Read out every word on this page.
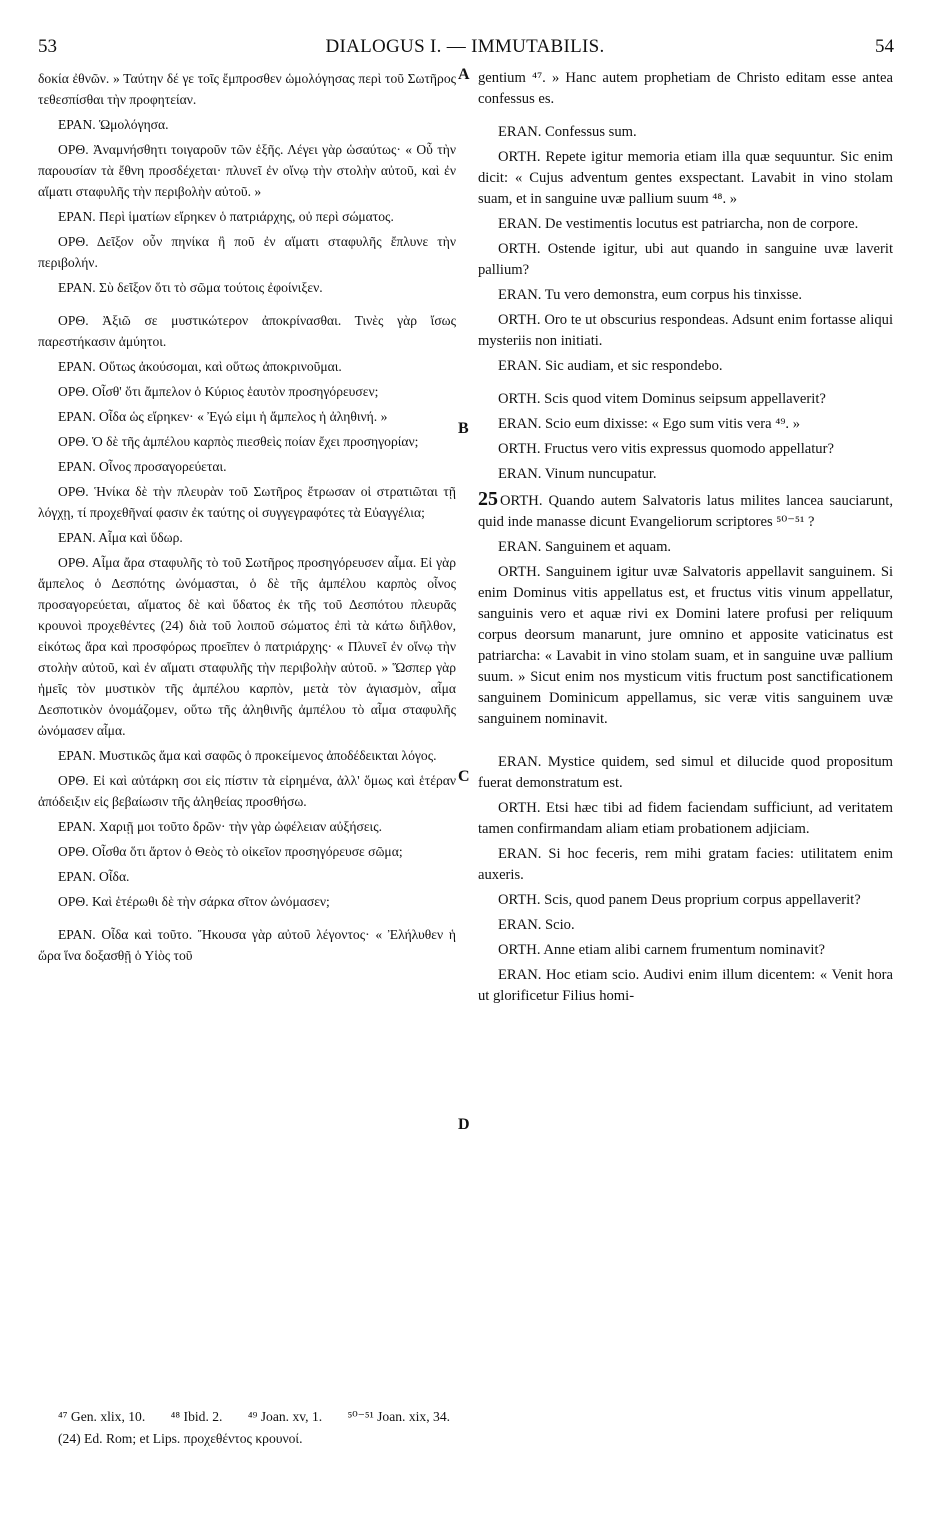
53	DIALOGUS I. — IMMUTABILIS.	54
A
B
C
D

δοκία ἐθνῶν. » Ταύτην δέ γε τοῖς ἔμπροσθεν ὡμολόγησας περὶ τοῦ Σωτῆρος τεθεσπίσθαι τὴν προφητείαν.

ΕΡΑΝ. Ὡμολόγησα.

ΟΡΘ. Ἀναμνήσθητι τοιγαροῦν τῶν ἑξῆς. Λέγει γὰρ ὡσαύτως· « Οὗ τὴν παρουσίαν τὰ ἔθνη προσδέχεται· πλυνεῖ ἐν οἴνῳ τὴν στολὴν αὐτοῦ, καὶ ἐν αἵματι σταφυλῆς τὴν περιβολὴν αὐτοῦ. »

ΕΡΑΝ. Περὶ ἱματίων εἴρηκεν ὁ πατριάρχης, οὐ περὶ σώματος.

ΟΡΘ. Δεῖξον οὖν πηνίκα ἢ ποῦ ἐν αἵματι σταφυλῆς ἔπλυνε τὴν περιβολήν.

ΕΡΑΝ. Σὺ δεῖξον ὅτι τὸ σῶμα τούτοις ἐφοίνιξεν.

ΟΡΘ. Ἀξιῶ σε μυστικώτερον ἀποκρίνασθαι. Τινὲς γὰρ ἴσως παρεστήκασιν ἀμύητοι.

ΕΡΑΝ. Οὕτως ἀκούσομαι, καὶ οὕτως ἀποκρινοῦμαι.

ΟΡΘ. Οἶσθ' ὅτι ἄμπελον ὁ Κύριος ἑαυτὸν προσηγόρευσεν;

ΕΡΑΝ. Οἶδα ὡς εἴρηκεν· « Ἐγώ εἰμι ἡ ἄμπελος ἡ ἀληθινή. »

ΟΡΘ. Ὁ δὲ τῆς ἀμπέλου καρπὸς πιεσθεὶς ποίαν ἔχει προσηγορίαν;

ΕΡΑΝ. Οἶνος προσαγορεύεται.

ΟΡΘ. Ἡνίκα δὲ τὴν πλευρὰν τοῦ Σωτῆρος ἔτρωσαν οἱ στρατιῶται τῇ λόγχῃ, τί προχεθῆναί φασιν ἐκ ταύτης οἱ συγγεγραφότες τὰ Εὐαγγέλια;

ΕΡΑΝ. Αἷμα καὶ ὕδωρ.

ΟΡΘ. Αἷμα ἄρα σταφυλῆς τὸ τοῦ Σωτῆρος προσηγόρευσεν αἷμα. Εἰ γὰρ ἄμπελος ὁ Δεσπότης ὠνόμασται, ὁ δὲ τῆς ἀμπέλου καρπὸς οἶνος προσαγορεύεται, αἵματος δὲ καὶ ὕδατος ἐκ τῆς τοῦ Δεσπότου πλευρᾶς κρουνοὶ προχεθέντες (24) διὰ τοῦ λοιποῦ σώματος ἐπὶ τὰ κάτω διῆλθον, εἰκότως ἄρα καὶ προσφόρως προεῖπεν ὁ πατριάρχης· « Πλυνεῖ ἐν οἴνῳ τὴν στολὴν αὐτοῦ, καὶ ἐν αἵματι σταφυλῆς τὴν περιβολὴν αὐτοῦ. » Ὥσπερ γὰρ ἡμεῖς τὸν μυστικὸν τῆς ἀμπέλου καρπὸν, μετὰ τὸν ἁγιασμὸν, αἷμα Δεσποτικὸν ὀνομάζομεν, οὕτω τῆς ἀληθινῆς ἀμπέλου τὸ αἷμα σταφυλῆς ὠνόμασεν αἷμα.

ΕΡΑΝ. Μυστικῶς ἅμα καὶ σαφῶς ὁ προκείμενος ἀποδέδεικται λόγος.

ΟΡΘ. Εἰ καὶ αὐτάρκη σοι εἰς πίστιν τὰ εἰρημένα, ἀλλ' ὅμως καὶ ἑτέραν ἀπόδειξιν εἰς βεβαίωσιν τῆς ἀληθείας προσθήσω.

ΕΡΑΝ. Χαριῇ μοι τοῦτο δρῶν· τὴν γὰρ ὠφέλειαν αὐξήσεις.

ΟΡΘ. Οἶσθα ὅτι ἄρτον ὁ Θεὸς τὸ οἰκεῖον προσηγόρευσε σῶμα;

ΕΡΑΝ. Οἶδα.

ΟΡΘ. Καὶ ἑτέρωθι δὲ τὴν σάρκα σῖτον ὠνόμασεν;

ΕΡΑΝ. Οἶδα καὶ τοῦτο. Ἤκουσα γὰρ αὐτοῦ λέγοντος· « Ἐλήλυθεν ἡ ὥρα ἵνα δοξασθῇ ὁ Υἱὸς τοῦ

gentium ⁴⁷. » Hanc autem prophetiam de Christo editam esse antea confessus es.

ERAN. Confessus sum.

ORTH. Repete igitur memoria etiam illa quæ sequuntur. Sic enim dicit: « Cujus adventum gentes exspectant. Lavabit in vino stolam suam, et in sanguine uvæ pallium suum ⁴⁸. »

ERAN. De vestimentis locutus est patriarcha, non de corpore.

ORTH. Ostende igitur, ubi aut quando in sanguine uvæ laverit pallium?

ERAN. Tu vero demonstra, eum corpus his tinxisse.

ORTH. Oro te ut obscurius respondeas. Adsunt enim fortasse aliqui mysteriis non initiati.

ERAN. Sic audiam, et sic respondebo.

ORTH. Scis quod vitem Dominus seipsum appellaverit?

ERAN. Scio eum dixisse: « Ego sum vitis vera ⁴⁹. »

ORTH. Fructus vero vitis expressus quomodo appellatur?

ERAN. Vinum nuncupatur.

25 ORTH. Quando autem Salvatoris latus milites lancea sauciarunt, quid inde manasse dicunt Evangeliorum scriptores ⁵⁰⁻⁵¹ ?

ERAN. Sanguinem et aquam.

ORTH. Sanguinem igitur uvæ Salvatoris appellavit sanguinem. Si enim Dominus vitis appellatus est, et fructus vitis vinum appellatur, sanguinis vero et aquæ rivi ex Domini latere profusi per reliquum corpus deorsum manarunt, jure omnino et apposite vaticinatus est patriarcha: « Lavabit in vino stolam suam, et in sanguine uvæ pallium suum. » Sicut enim nos mysticum vitis fructum post sanctificationem sanguinem Dominicum appellamus, sic veræ vitis sanguinem uvæ sanguinem nominavit.

ERAN. Mystice quidem, sed simul et dilucide quod propositum fuerat demonstratum est.

ORTH. Etsi hæc tibi ad fidem faciendam sufficiunt, ad veritatem tamen confirmandam aliam etiam probationem adjiciam.

ERAN. Si hoc feceris, rem mihi gratam facies: utilitatem enim auxeris.

ORTH. Scis, quod panem Deus proprium corpus appellaverit?

ERAN. Scio.

ORTH. Anne etiam alibi carnem frumentum nominavit?

ERAN. Hoc etiam scio. Audivi enim illum dicentem: « Venit hora ut glorificetur Filius homi-

⁴⁷ Gen. xlix, 10. ⁴⁸ Ibid. 2. ⁴⁹ Joan. xv, 1. ⁵⁰⁻⁵¹ Joan. xix, 34.
(24) Ed. Rom; et Lips. προχεθέντος κρουνοί.
